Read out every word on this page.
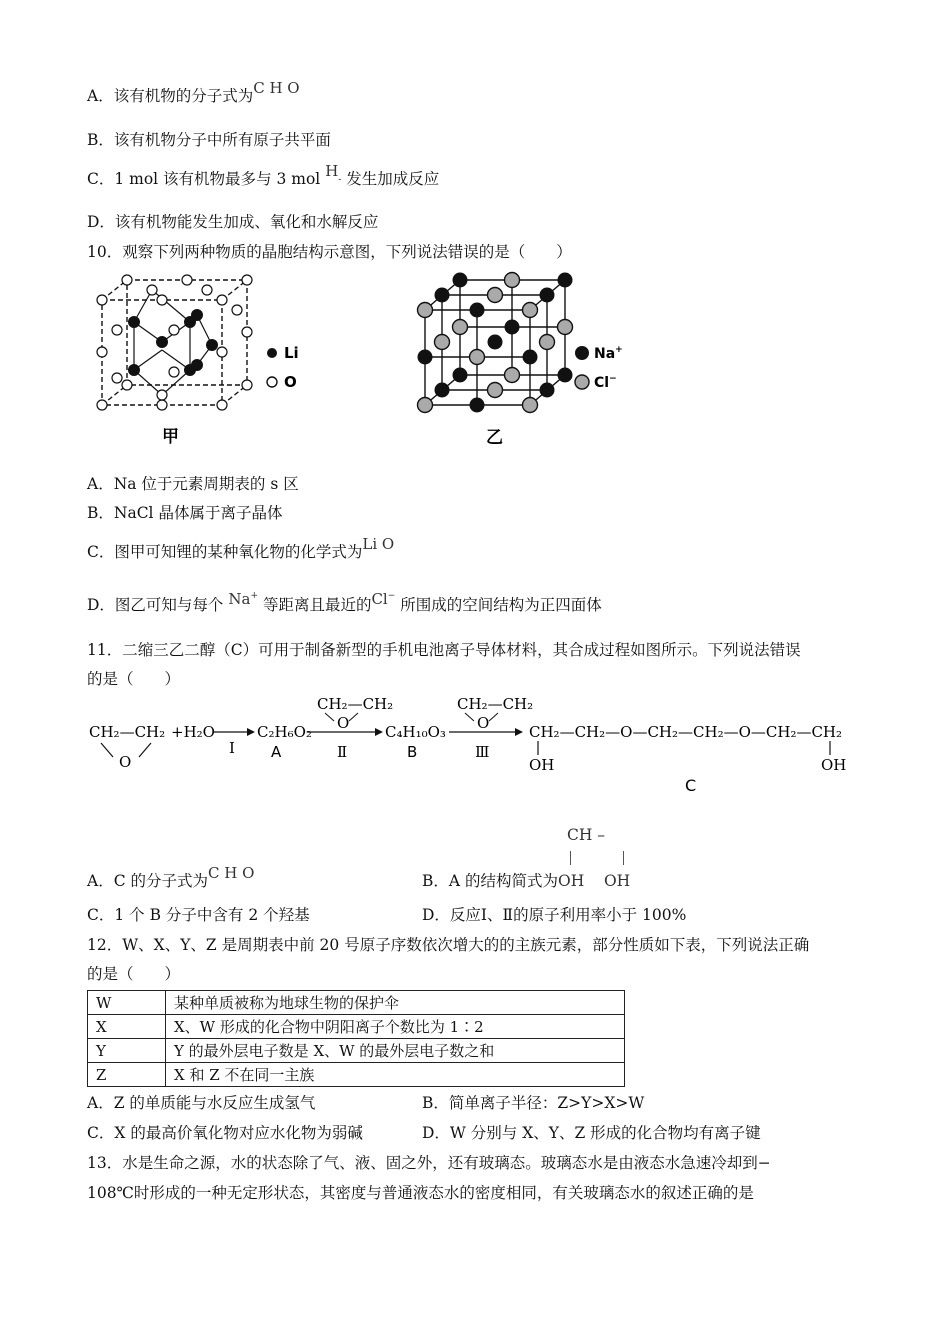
A．该有机物的分子式为C H O
B．该有机物分子中所有原子共平面
C．1 mol 该有机物最多与 3 mol H- 发生加成反应
D．该有机物能发生加成、氧化和水解反应
10．观察下列两种物质的晶胞结构示意图，下列说法错误的是（　　）
Li
O
甲
Na+
Cl−
乙
A．Na 位于元素周期表的 s 区
B．NaCl 晶体属于离子晶体
C．图甲可知锂的某种氧化物的化学式为Li O
D．图乙可知与每个 Na+ 等距离且最近的Cl− 所围成的空间结构为正四面体
11．二缩三乙二醇（C）可用于制备新型的手机电池离子导体材料，其合成过程如图所示。下列说法错误
的是（　　）
CH₂—CH₂
O
+H₂O
Ⅰ
C₂H₆O₂
A
CH₂—CH₂
O
Ⅱ
C₄H₁₀O₃
B
CH₂—CH₂
O
Ⅲ
CH₂—CH₂—O—CH₂—CH₂—O—CH₂—CH₂
OH	OH
C
CH –
A．C 的分子式为C H O	B．A 的结构简式为OH OH
C．1 个 B 分子中含有 2 个羟基	D．反应Ⅰ、Ⅱ的原子利用率小于 100%
12．W、X、Y、Z 是周期表中前 20 号原子序数依次增大的的主族元素，部分性质如下表，下列说法正确
的是（　　）
W	某种单质被称为地球生物的保护伞
X	X、W 形成的化合物中阴阳离子个数比为 1∶2
Y	Y 的最外层电子数是 X、W 的最外层电子数之和
Z	X 和 Z 不在同一主族
A．Z 的单质能与水反应生成氢气	B．简单离子半径：Z>Y>X>W
C．X 的最高价氧化物对应水化物为弱碱	D．W 分别与 X、Y、Z 形成的化合物均有离子键
13．水是生命之源，水的状态除了气、液、固之外，还有玻璃态。玻璃态水是由液态水急速冷却到−
108℃时形成的一种无定形状态，其密度与普通液态水的密度相同，有关玻璃态水的叙述正确的是
